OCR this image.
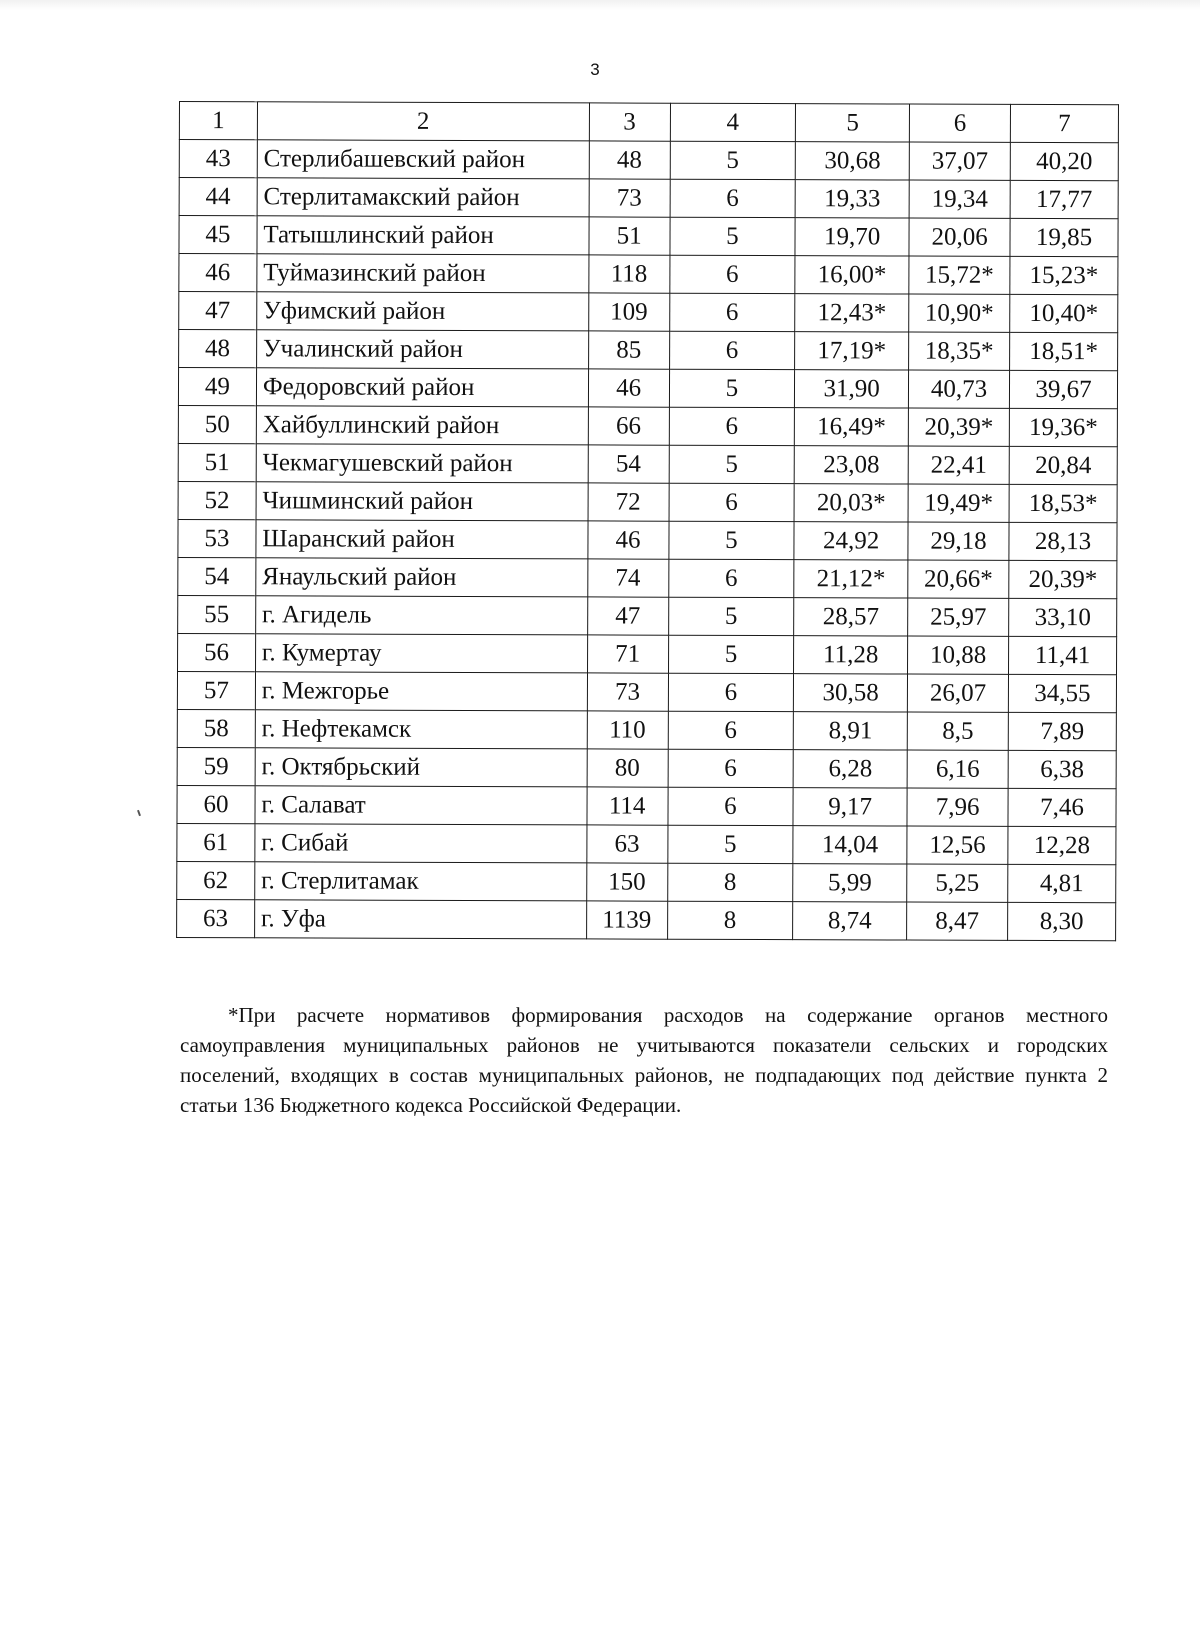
3
1	2	3	4	5	6	7
43	Стерлибашевский район	48	5	30,68	37,07	40,20
44	Стерлитамакский район	73	6	19,33	19,34	17,77
45	Татышлинский район	51	5	19,70	20,06	19,85
46	Туймазинский район	118	6	16,00*	15,72*	15,23*
47	Уфимский район	109	6	12,43*	10,90*	10,40*
48	Учалинский район	85	6	17,19*	18,35*	18,51*
49	Федоровский район	46	5	31,90	40,73	39,67
50	Хайбуллинский район	66	6	16,49*	20,39*	19,36*
51	Чекмагушевский район	54	5	23,08	22,41	20,84
52	Чишминский район	72	6	20,03*	19,49*	18,53*
53	Шаранский район	46	5	24,92	29,18	28,13
54	Янаульский район	74	6	21,12*	20,66*	20,39*
55	г. Агидель	47	5	28,57	25,97	33,10
56	г. Кумертау	71	5	11,28	10,88	11,41
57	г. Межгорье	73	6	30,58	26,07	34,55
58	г. Нефтекамск	110	6	8,91	8,5	7,89
59	г. Октябрьский	80	6	6,28	6,16	6,38
60	г. Салават	114	6	9,17	7,96	7,46
61	г. Сибай	63	5	14,04	12,56	12,28
62	г. Стерлитамак	150	8	5,99	5,25	4,81
63	г. Уфа	1139	8	8,74	8,47	8,30
*При расчете нормативов формирования расходов на содержание органов местного самоуправления муниципальных районов не учитываются показатели сельских и городских поселений, входящих в состав муниципальных районов, не подпадающих под действие пункта 2 статьи 136 Бюджетного кодекса Российской Федерации.
